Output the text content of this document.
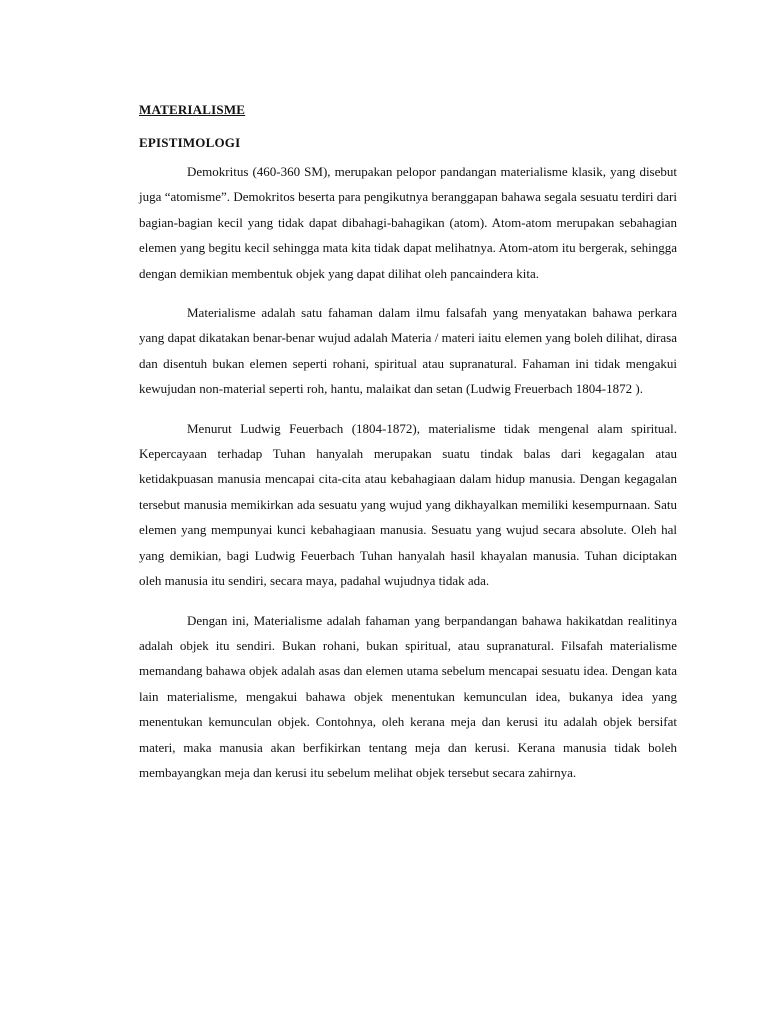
MATERIALISME
EPISTIMOLOGI

Demokritus (460-360 SM), merupakan pelopor pandangan materialisme klasik, yang disebut juga “atomisme”. Demokritos beserta para pengikutnya beranggapan bahawa segala sesuatu terdiri dari bagian-bagian kecil yang tidak dapat dibahagi-bahagikan (atom). Atom-atom merupakan sebahagian elemen yang begitu kecil sehingga mata kita tidak dapat melihatnya. Atom-atom itu bergerak, sehingga dengan demikian membentuk objek yang dapat dilihat oleh pancaindera kita.

Materialisme adalah satu fahaman dalam ilmu falsafah yang menyatakan bahawa perkara yang dapat dikatakan benar-benar wujud adalah Materia / materi iaitu elemen yang boleh dilihat, dirasa dan disentuh bukan elemen seperti rohani, spiritual atau supranatural. Fahaman ini tidak mengakui kewujudan non-material seperti roh, hantu, malaikat dan setan (Ludwig Freuerbach 1804-1872 ).

Menurut Ludwig Feuerbach (1804-1872), materialisme tidak mengenal alam spiritual. Kepercayaan terhadap Tuhan hanyalah merupakan suatu tindak balas dari kegagalan atau ketidakpuasan manusia mencapai cita-cita atau kebahagiaan dalam hidup manusia. Dengan kegagalan tersebut manusia memikirkan ada sesuatu yang wujud yang dikhayalkan memiliki kesempurnaan. Satu elemen yang mempunyai kunci kebahagiaan manusia. Sesuatu yang wujud secara absolute. Oleh hal yang demikian, bagi Ludwig Feuerbach Tuhan hanyalah hasil khayalan manusia. Tuhan diciptakan oleh manusia itu sendiri, secara maya, padahal wujudnya tidak ada.

Dengan ini, Materialisme adalah fahaman yang berpandangan bahawa hakikatdan realitinya adalah objek itu sendiri. Bukan rohani, bukan spiritual, atau supranatural. Filsafah materialisme memandang bahawa objek adalah asas dan elemen utama sebelum mencapai sesuatu idea. Dengan kata lain materialisme, mengakui bahawa objek menentukan kemunculan idea, bukanya idea yang menentukan kemunculan objek. Contohnya, oleh kerana meja dan kerusi itu adalah objek bersifat materi, maka manusia akan berfikirkan tentang meja dan kerusi. Kerana manusia tidak boleh membayangkan meja dan kerusi itu sebelum melihat objek tersebut secara zahirnya.
